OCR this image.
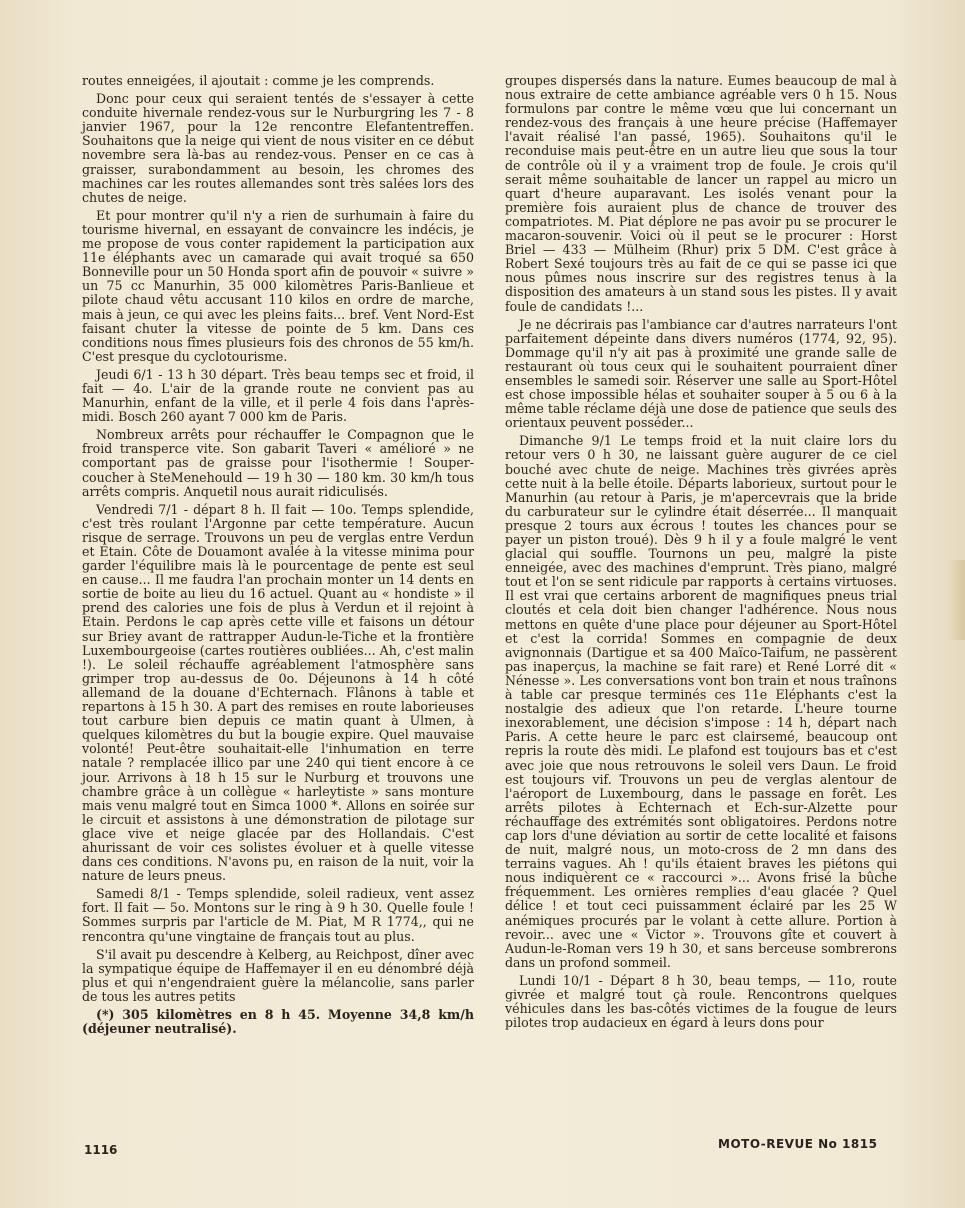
routes enneigées, il ajoutait : comme je les comprends.

Donc pour ceux qui seraient tentés de s'essayer à cette conduite hivernale rendez-vous sur le Nurburgring les 7 - 8 janvier 1967, pour la 12e rencontre Elefantentreffen. Souhaitons que la neige qui vient de nous visiter en ce début novembre sera là-bas au rendez-vous. Penser en ce cas à graisser, surabondamment au besoin, les chromes des machines car les routes allemandes sont très salées lors des chutes de neige.

Et pour montrer qu'il n'y a rien de surhumain à faire du tourisme hivernal, en essayant de convaincre les indécis, je me propose de vous conter rapidement la participation aux 11e éléphants avec un camarade qui avait troqué sa 650 Bonneville pour un 50 Honda sport afin de pouvoir « suivre » un 75 cc Manurhin, 35 000 kilomètres Paris-Banlieue et pilote chaud vêtu accusant 110 kilos en ordre de marche, mais à jeun, ce qui avec les pleins faits... bref. Vent Nord-Est faisant chuter la vitesse de pointe de 5 km. Dans ces conditions nous fîmes plusieurs fois des chronos de 55 km/h. C'est presque du cyclotourisme.

Jeudi 6/1 - 13 h 30 départ. Très beau temps sec et froid, il fait — 4o. L'air de la grande route ne convient pas au Manurhin, enfant de la ville, et il perle 4 fois dans l'après-midi. Bosch 260 ayant 7 000 km de Paris.

Nombreux arrêts pour réchauffer le Compagnon que le froid transperce vite. Son gabarit Taveri « amélioré » ne comportant pas de graisse pour l'isothermie ! Souper-coucher à SteMenehould — 19 h 30 — 180 km. 30 km/h tous arrêts compris. Anquetil nous aurait ridiculisés.

Vendredi 7/1 - départ 8 h. Il fait — 10o. Temps splendide, c'est très roulant l'Argonne par cette température. Aucun risque de serrage. Trouvons un peu de verglas entre Verdun et Etain. Côte de Douamont avalée à la vitesse minima pour garder l'équilibre mais là le pourcentage de pente est seul en cause... Il me faudra l'an prochain monter un 14 dents en sortie de boite au lieu du 16 actuel. Quant au « hondiste » il prend des calories une fois de plus à Verdun et il rejoint à Etain. Perdons le cap après cette ville et faisons un détour sur Briey avant de rattrapper Audun-le-Tiche et la frontière Luxembourgeoise (cartes routières oubliées... Ah, c'est malin !). Le soleil réchauffe agréablement l'atmosphère sans grimper trop au-dessus de 0o. Déjeunons à 14 h côté allemand de la douane d'Echternach. Flânons à table et repartons à 15 h 30. A part des remises en route laborieuses tout carbure bien depuis ce matin quant à Ulmen, à quelques kilomètres du but la bougie expire. Quel mauvaise volonté! Peut-être souhaitait-elle l'inhumation en terre natale ? remplacée illico par une 240 qui tient encore à ce jour. Arrivons à 18 h 15 sur le Nurburg et trouvons une chambre grâce à un collègue « harleytiste » sans monture mais venu malgré tout en Simca 1000 *. Allons en soirée sur le circuit et assistons à une démonstration de pilotage sur glace vive et neige glacée par des Hollandais. C'est ahurissant de voir ces solistes évoluer et à quelle vitesse dans ces conditions. N'avons pu, en raison de la nuit, voir la nature de leurs pneus.

Samedi 8/1 - Temps splendide, soleil radieux, vent assez fort. Il fait — 5o. Montons sur le ring à 9 h 30. Quelle foule ! Sommes surpris par l'article de M. Piat, M R 1774,, qui ne rencontra qu'une vingtaine de français tout au plus.

S'il avait pu descendre à Kelberg, au Reichpost, dîner avec la sympatique équipe de Haffemayer il en eu dénombré déjà plus et qui n'engendraient guère la mélancolie, sans parler de tous les autres petits

(*) 305 kilomètres en 8 h 45. Moyenne 34,8 km/h (déjeuner neutralisé).

groupes dispersés dans la nature. Eumes beaucoup de mal à nous extraire de cette ambiance agréable vers 0 h 15. Nous formulons par contre le même vœu que lui concernant un rendez-vous des français à une heure précise (Haffemayer l'avait réalisé l'an passé, 1965). Souhaitons qu'il le reconduise mais peut-être en un autre lieu que sous la tour de contrôle où il y a vraiment trop de foule. Je crois qu'il serait même souhaitable de lancer un rappel au micro un quart d'heure auparavant. Les isolés venant pour la première fois auraient plus de chance de trouver des compatriotes. M. Piat déplore ne pas avoir pu se procurer le macaron-souvenir. Voici où il peut se le procurer : Horst Briel — 433 — Mülheim (Rhur) prix 5 DM. C'est grâce à Robert Sexé toujours très au fait de ce qui se passe ici que nous pûmes nous inscrire sur des registres tenus à la disposition des amateurs à un stand sous les pistes. Il y avait foule de candidats !...

Je ne décrirais pas l'ambiance car d'autres narrateurs l'ont parfaitement dépeinte dans divers numéros (1774, 92, 95). Dommage qu'il n'y ait pas à proximité une grande salle de restaurant où tous ceux qui le souhaitent pourraient dîner ensembles le samedi soir. Réserver une salle au Sport-Hôtel est chose impossible hélas et souhaiter souper à 5 ou 6 à la même table réclame déjà une dose de patience que seuls des orientaux peuvent posséder...

Dimanche 9/1 Le temps froid et la nuit claire lors du retour vers 0 h 30, ne laissant guère augurer de ce ciel bouché avec chute de neige. Machines très givrées après cette nuit à la belle étoile. Départs laborieux, surtout pour le Manurhin (au retour à Paris, je m'apercevrais que la bride du carburateur sur le cylindre était déserrée... Il manquait presque 2 tours aux écrous ! toutes les chances pour se payer un piston troué). Dès 9 h il y a foule malgré le vent glacial qui souffle. Tournons un peu, malgré la piste enneigée, avec des machines d'emprunt. Très piano, malgré tout et l'on se sent ridicule par rapports à certains virtuoses. Il est vrai que certains arborent de magnifiques pneus trial cloutés et cela doit bien changer l'adhérence. Nous nous mettons en quête d'une place pour déjeuner au Sport-Hôtel et c'est la corrida! Sommes en compagnie de deux avignonnais (Dartigue et sa 400 Maïco-Taifum, ne passèrent pas inaperçus, la machine se fait rare) et René Lorré dit « Nénesse ». Les conversations vont bon train et nous traînons à table car presque terminés ces 11e Eléphants c'est la nostalgie des adieux que l'on retarde. L'heure tourne inexorablement, une décision s'impose : 14 h, départ nach Paris. A cette heure le parc est clairsemé, beaucoup ont repris la route dès midi. Le plafond est toujours bas et c'est avec joie que nous retrouvons le soleil vers Daun. Le froid est toujours vif. Trouvons un peu de verglas alentour de l'aéroport de Luxembourg, dans le passage en forêt. Les arrêts pilotes à Echternach et Ech-sur-Alzette pour réchauffage des extrémités sont obligatoires. Perdons notre cap lors d'une déviation au sortir de cette localité et faisons de nuit, malgré nous, un moto-cross de 2 mn dans des terrains vagues. Ah ! qu'ils étaient braves les piétons qui nous indiquèrent ce « raccourci »... Avons frisé la bûche fréquemment. Les ornières remplies d'eau glacée ? Quel délice ! et tout ceci puissamment éclairé par les 25 W anémiques procurés par le volant à cette allure. Portion à revoir... avec une « Victor ». Trouvons gîte et couvert à Audun-le-Roman vers 19 h 30, et sans berceuse sombrerons dans un profond sommeil.

Lundi 10/1 - Départ 8 h 30, beau temps, — 11o, route givrée et malgré tout çà roule. Rencontrons quelques véhicules dans les bas-côtés victimes de la fougue de leurs pilotes trop audacieux en égard à leurs dons pour

1116	MOTO-REVUE No 1815
